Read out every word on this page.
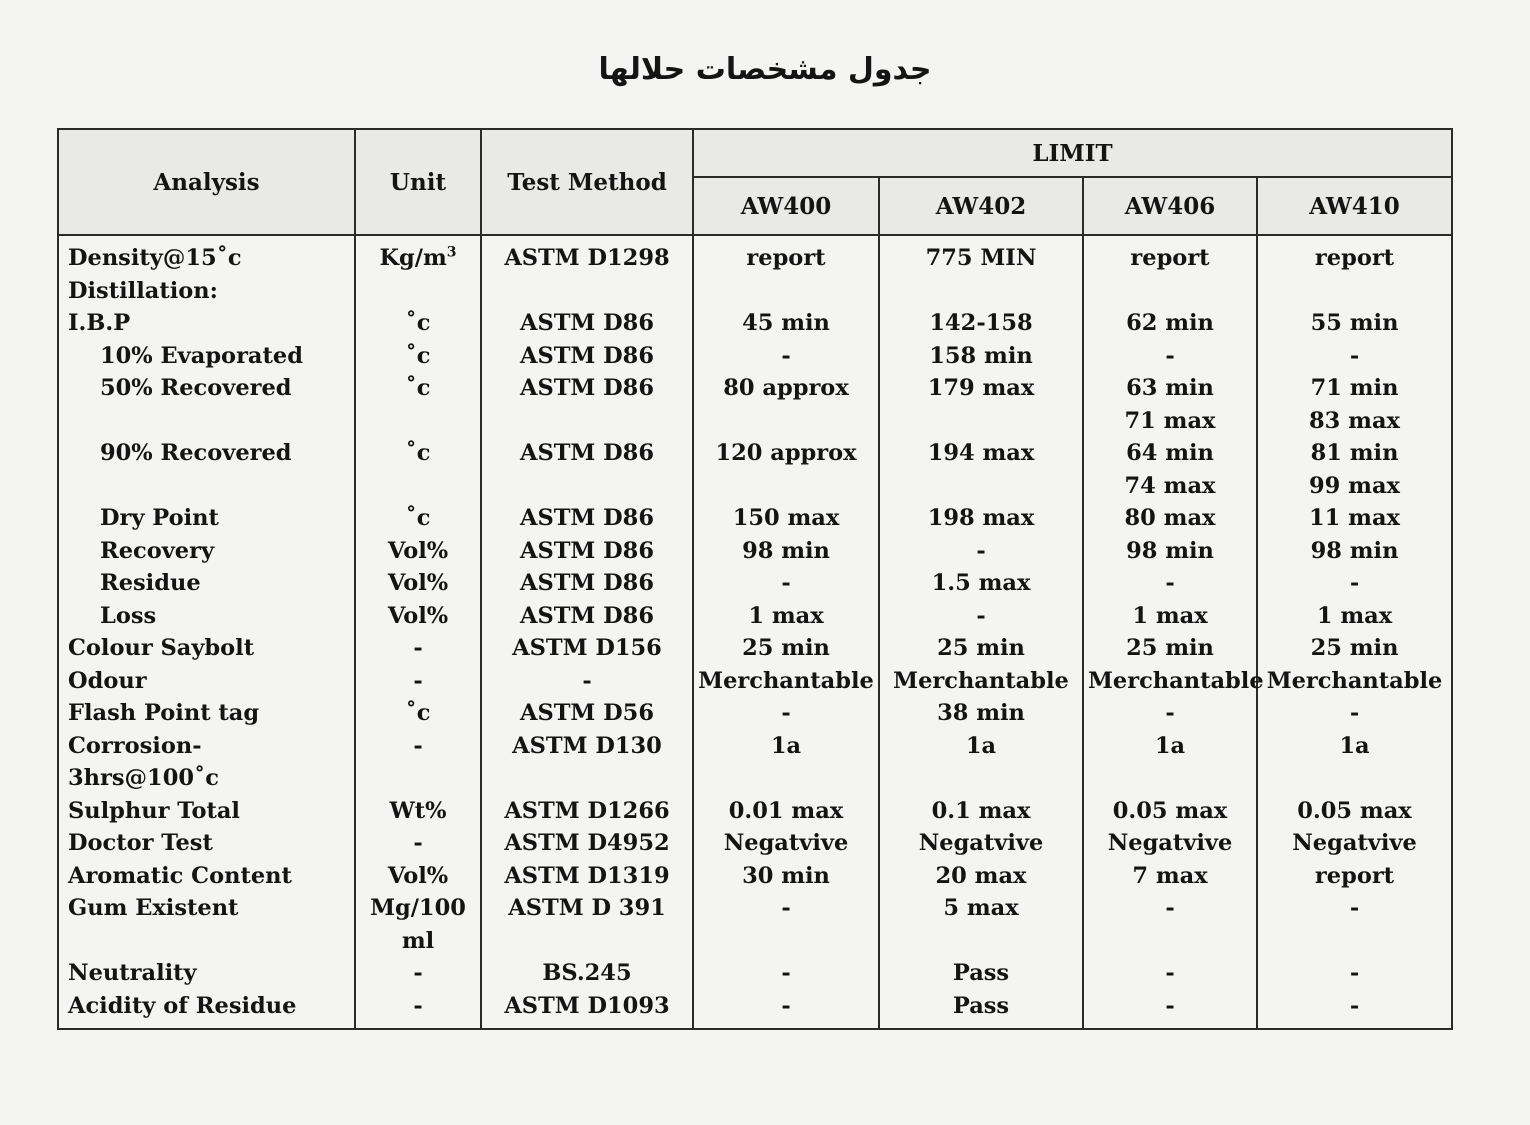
جدول مشخصات حلالها
Analysis	Unit	Test Method	LIMIT			
			AW400	AW402	AW406	AW410
Density@15˚c	$Kg/m^3$	ASTM D1298	report	775 MIN	report	report
Distillation:						
I.B.P	˚c	ASTM D86	45 min	142-158	62 min	55 min
10% Evaporated	˚c	ASTM D86	-	158 min	-	-
50% Recovered	˚c	ASTM D86	80 approx	179 max	63 min	71 min
					71 max	83 max
90% Recovered	˚c	ASTM D86	120 approx	194 max	64 min	81 min
					74 max	99 max
Dry Point	˚c	ASTM D86	150 max	198 max	80 max	11 max
Recovery	Vol%	ASTM D86	98 min	-	98 min	98 min
Residue	Vol%	ASTM D86	-	1.5 max	-	-
Loss	Vol%	ASTM D86	1 max	-	1 max	1 max
Colour Saybolt	-	ASTM D156	25 min	25 min	25 min	25 min
Odour	-	-	Merchantable	Merchantable	Merchantable	Merchantable
Flash Point tag	˚c	ASTM D56	-	38 min	-	-
Corrosion-3hrs@100˚c	-	ASTM D130	1a	1a	1a	1a
Sulphur Total	Wt%	ASTM D1266	0.01 max	0.1 max	0.05 max	0.05 max
Doctor Test	-	ASTM D4952	Negatvive	Negatvive	Negatvive	Negatvive
Aromatic Content	Vol%	ASTM D1319	30 min	20 max	7 max	report

Gum Existent	Mg/100	ASTM D 391	-	5 max	-	-
	ml					
Neutrality	-	BS.245	-	Pass	-	-
Acidity of Residue	-	ASTM D1093	-	Pass	-	-
